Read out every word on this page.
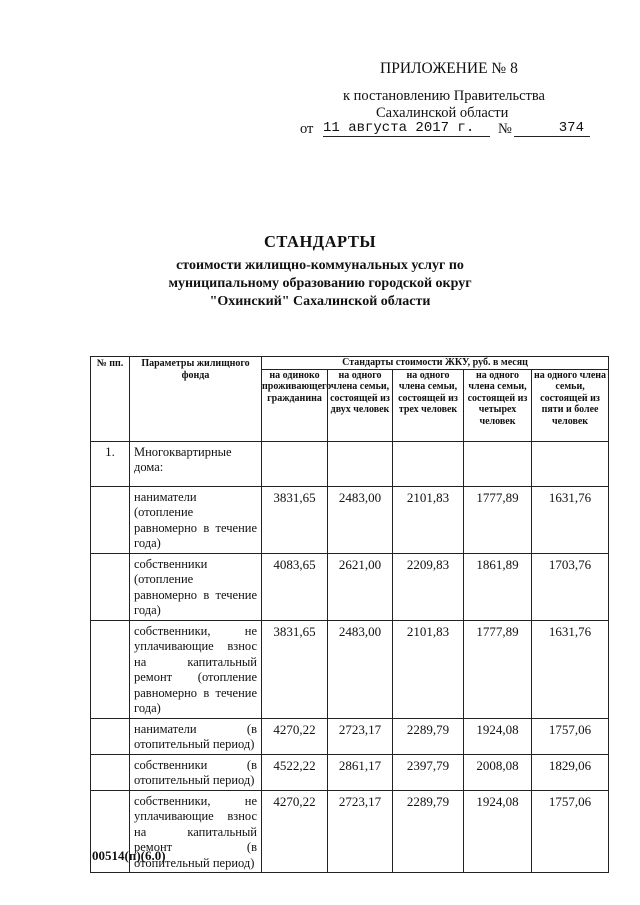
ПРИЛОЖЕНИЕ № 8
к постановлению Правительства
Сахалинской области
от 11 августа 2017 г.	№	374
СТАНДАРТЫ
стоимости жилищно-коммунальных услуг по
муниципальному образованию городской округ
"Охинский" Сахалинской области
№ пп.	Параметры жилищного фонда	Стандарты стоимости ЖКУ, руб. в месяц				
		на одиноко проживающего гражданина	на одного члена семьи, состоящей из двух человек	на одного члена семьи, состоящей из трех человек	на одного члена семьи, состоящей из четырех человек	на одного члена семьи, состоящей из пяти и более человек
1.	Многоквартирные дома:					
	наниматели (отопление равномерно в течение года)	3831,65	2483,00	2101,83	1777,89	1631,76
	собственники (отопление равномерно в течение года)	4083,65	2621,00	2209,83	1861,89	1703,76
	собственники, не уплачивающие взнос на капитальный ремонт (отопление равномерно в течение года)	3831,65	2483,00	2101,83	1777,89	1631,76
	наниматели (в отопительный период)	4270,22	2723,17	2289,79	1924,08	1757,06
	собственники (в отопительный период)	4522,22	2861,17	2397,79	2008,08	1829,06
	собственники, не уплачивающие взнос на капитальный ремонт (в отопительный период)	4270,22	2723,17	2289,79	1924,08	1757,06
00514(п)(6.0)
